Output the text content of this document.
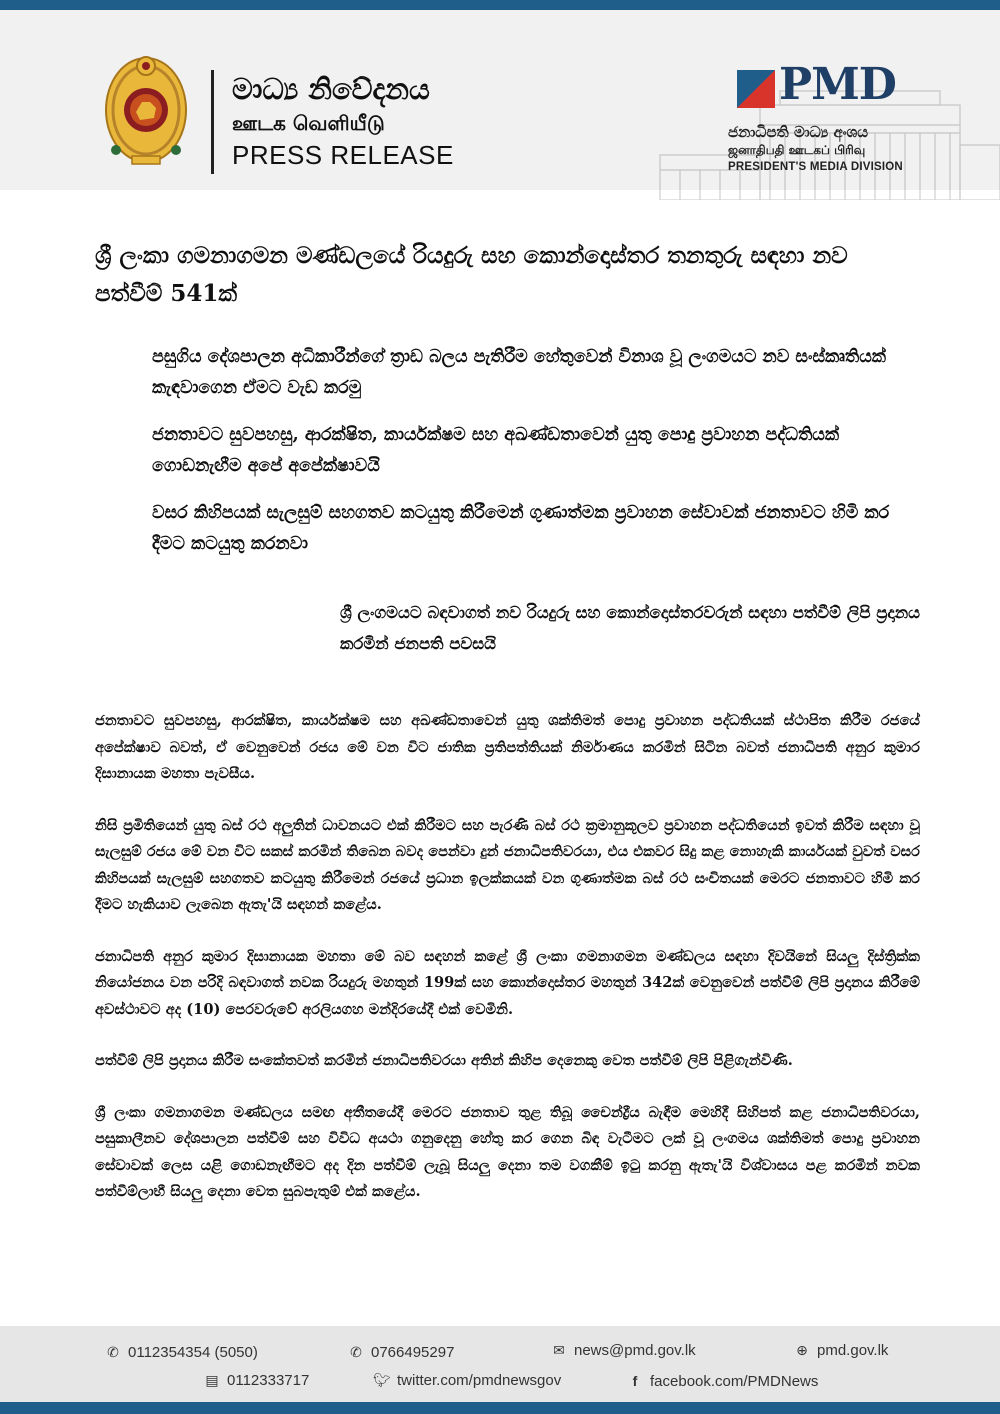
මාධ්‍ය නිවේදනය
ஊடக வெளியீடு
PRESS RELEASE
PMD
ජනාධිපති මාධ්‍ය අංශය
ஜனாதிபதி ஊடகப் பிரிவு
PRESIDENT'S MEDIA DIVISION
ශ්‍රී ලංකා ගමනාගමන මණ්ඩලයේ රියදුරු සහ කොන්දොස්තර තනතුරු සඳහා නව පත්වීම් 541ක්

පසුගිය දේශපාලන අධිකාරීන්ගේ ත්‍රාඩ බලය පැතිරීම හේතුවෙන් විනාශ වූ ලංගමයට නව සංස්කෘතියක් කැඳවාගෙන ඒමට වැඩ කරමු

ජනතාවට සුවපහසු, ආරක්ෂිත, කාර්යක්ෂම සහ අඛණ්ඩතාවෙන් යුතු පොදු ප්‍රවාහන පද්ධතියක් ගොඩනැඟීම අපේ අපේක්ෂාවයි

වසර කිහිපයක් සැලසුම් සහගතව කටයුතු කිරීමෙන් ගුණාත්මක ප්‍රවාහන සේවාවක් ජනතාවට හිමි කර දීමට කටයුතු කරනවා

ශ්‍රී ලංගමයට බඳවාගත් නව රියදුරු සහ කොන්දොස්තරවරුන් සඳහා පත්වීම් ලිපි ප්‍රදානය කරමින් ජනපති පවසයි

ජනතාවට සුවපහසු, ආරක්ෂිත, කාර්යක්ෂම සහ අඛණ්ඩතාවෙන් යුතු ශක්තිමත් පොදු ප්‍රවාහන පද්ධතියක් ස්ථාපිත කිරීම රජයේ අපේක්ෂාව බවත්, ඒ වෙනුවෙන් රජය මේ වන විට ජාතික ප්‍රතිපත්තියක් නිර්මාණය කරමින් සිටින බවත් ජනාධිපති අනුර කුමාර දිසානායක මහතා පැවසීය.

නිසි ප්‍රමිතියෙන් යුතු බස් රථ අලුතින් ධාවනයට එක් කිරීමට සහ පැරණි බස් රථ ක්‍රමානුකූලව ප්‍රවාහන පද්ධතියෙන් ඉවත් කිරීම සඳහා වූ සැලසුම් රජය මේ වන විට සකස් කරමින් තිබෙන බවද පෙන්වා දුන් ජනාධිපතිවරයා, එය එකවර සිදු කළ නොහැකි කාර්යයක් වුවත් වසර කිහිපයක් සැලසුම් සහගතව කටයුතු කිරීමෙන් රජයේ ප්‍රධාන ඉලක්කයක් වන ගුණාත්මක බස් රථ සංචිතයක් මෙරට ජනතාවට හිමි කර දීමට හැකියාව ලැබෙන ඇතැ'යි සඳහන් කළේය.

ජනාධිපති අනුර කුමාර දිසානායක මහතා මේ බව සඳහන් කළේ ශ්‍රී ලංකා ගමනාගමන මණ්ඩලය සඳහා දිවයිනේ සියලු දිස්ත්‍රික්ක නියෝජනය වන පරිදි බඳවාගත් නවක රියදුරු මහතුන් 199ක් සහ කොන්දොස්තර මහතුන් 342ක් වෙනුවෙන් පත්වීම් ලිපි ප්‍රදානය කිරීමේ අවස්ථාවට අද (10) පෙරවරුවේ අරලියගහ මන්දිරයේදී එක් වෙමිනි.

පත්වීම් ලිපි ප්‍රදානය කිරීම සංකේතවත් කරමින් ජනාධිපතිවරයා අතින් කිහිප දෙනෙකු වෙත පත්වීම් ලිපි පිළිගැන්විණි.

ශ්‍රී ලංකා ගමනාගමන මණ්ඩලය සමඟ අතීතයේදී මෙරට ජනතාව තුළ තිබූ චෛන්ද්‍රීය බැඳීම මෙහිදී සිහිපත් කළ ජනාධිපතිවරයා, පසුකාලීනව දේශපාලන පත්වීම් සහ විවිධ අයථා ගනුදෙනු හේතු කර ගෙන බිඳ වැටීමට ලක් වූ ලංගමය ශක්තිමත් පොදු ප්‍රවාහන සේවාවක් ලෙස යළි ගොඩනැඟීමට අද දින පත්වීම් ලැබූ සියලු දෙනා තම වගකීම් ඉටු කරනු ඇතැ'යි විශ්වාසය පළ කරමින් නවක පත්වීම්ලාභී සියලු දෙනා වෙත සුබපැතුම් එක් කළේය.

✆ 0112354354 (5050)	✆ 0766495297	✉ news@pmd.gov.lk	⊕ pmd.gov.lk
▤ 0112333717	🐦︎ twitter.com/pmdnewsgov	f facebook.com/PMDNews
